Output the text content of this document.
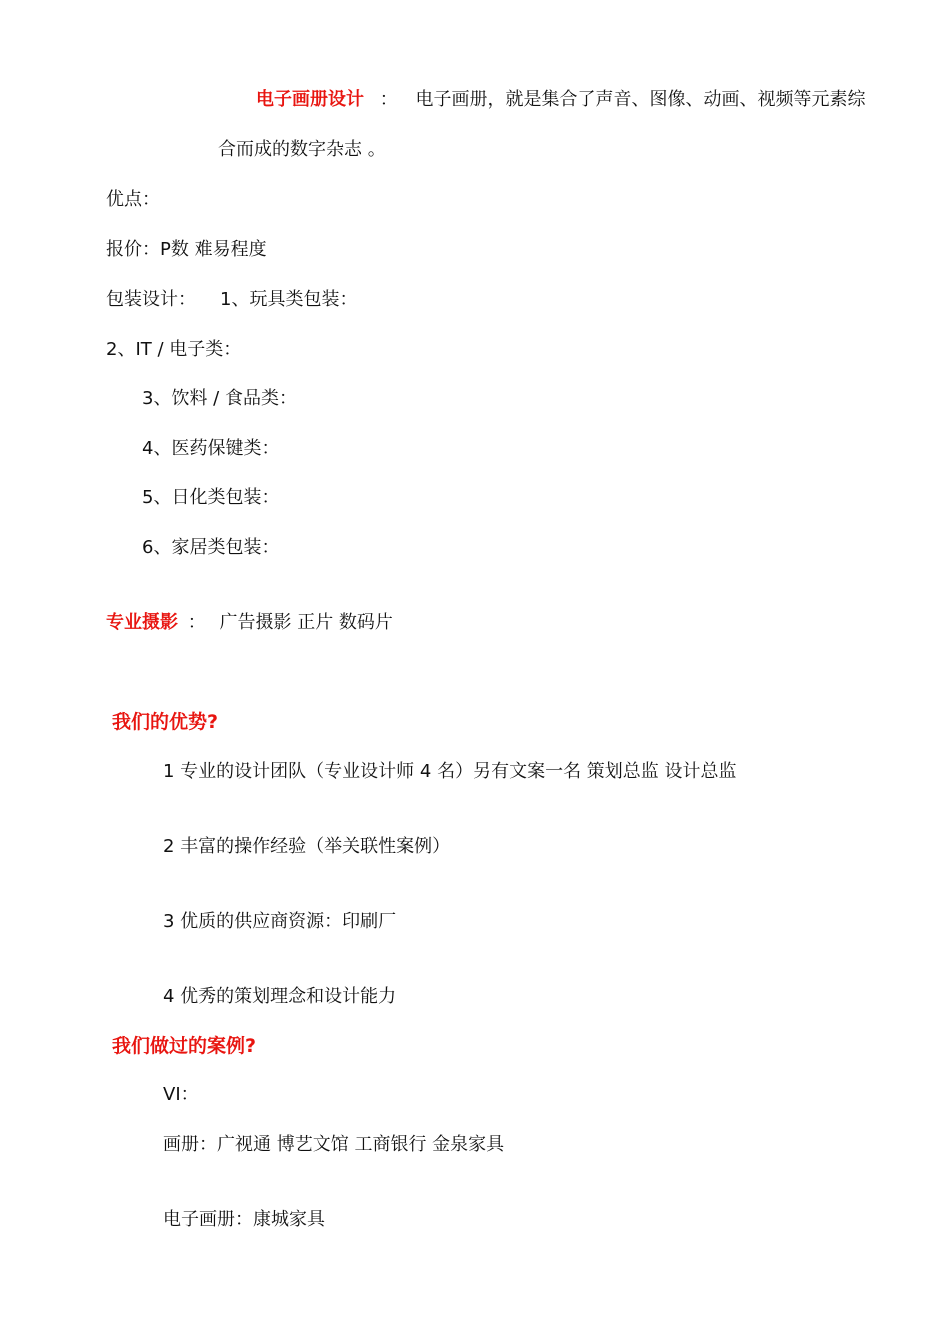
电子画册设计 ： 电子画册，就是集合了声音、图像、动画、视频等元素综
合而成的数字杂志 。
优点：
报价：P数 难易程度
包装设计： 1、玩具类包装：
2、IT / 电子类：
3、饮料 / 食品类：
4、医药保键类：
5、日化类包装：
6、家居类包装：
专业摄影 ： 广告摄影 正片 数码片
我们的优势?
1 专业的设计团队（专业设计师 4 名）另有文案一名 策划总监 设计总监
2 丰富的操作经验（举关联性案例）
3 优质的供应商资源：印刷厂
4 优秀的策划理念和设计能力
我们做过的案例?
VI：
画册：广视通 博艺文馆 工商银行 金泉家具
电子画册：康城家具
